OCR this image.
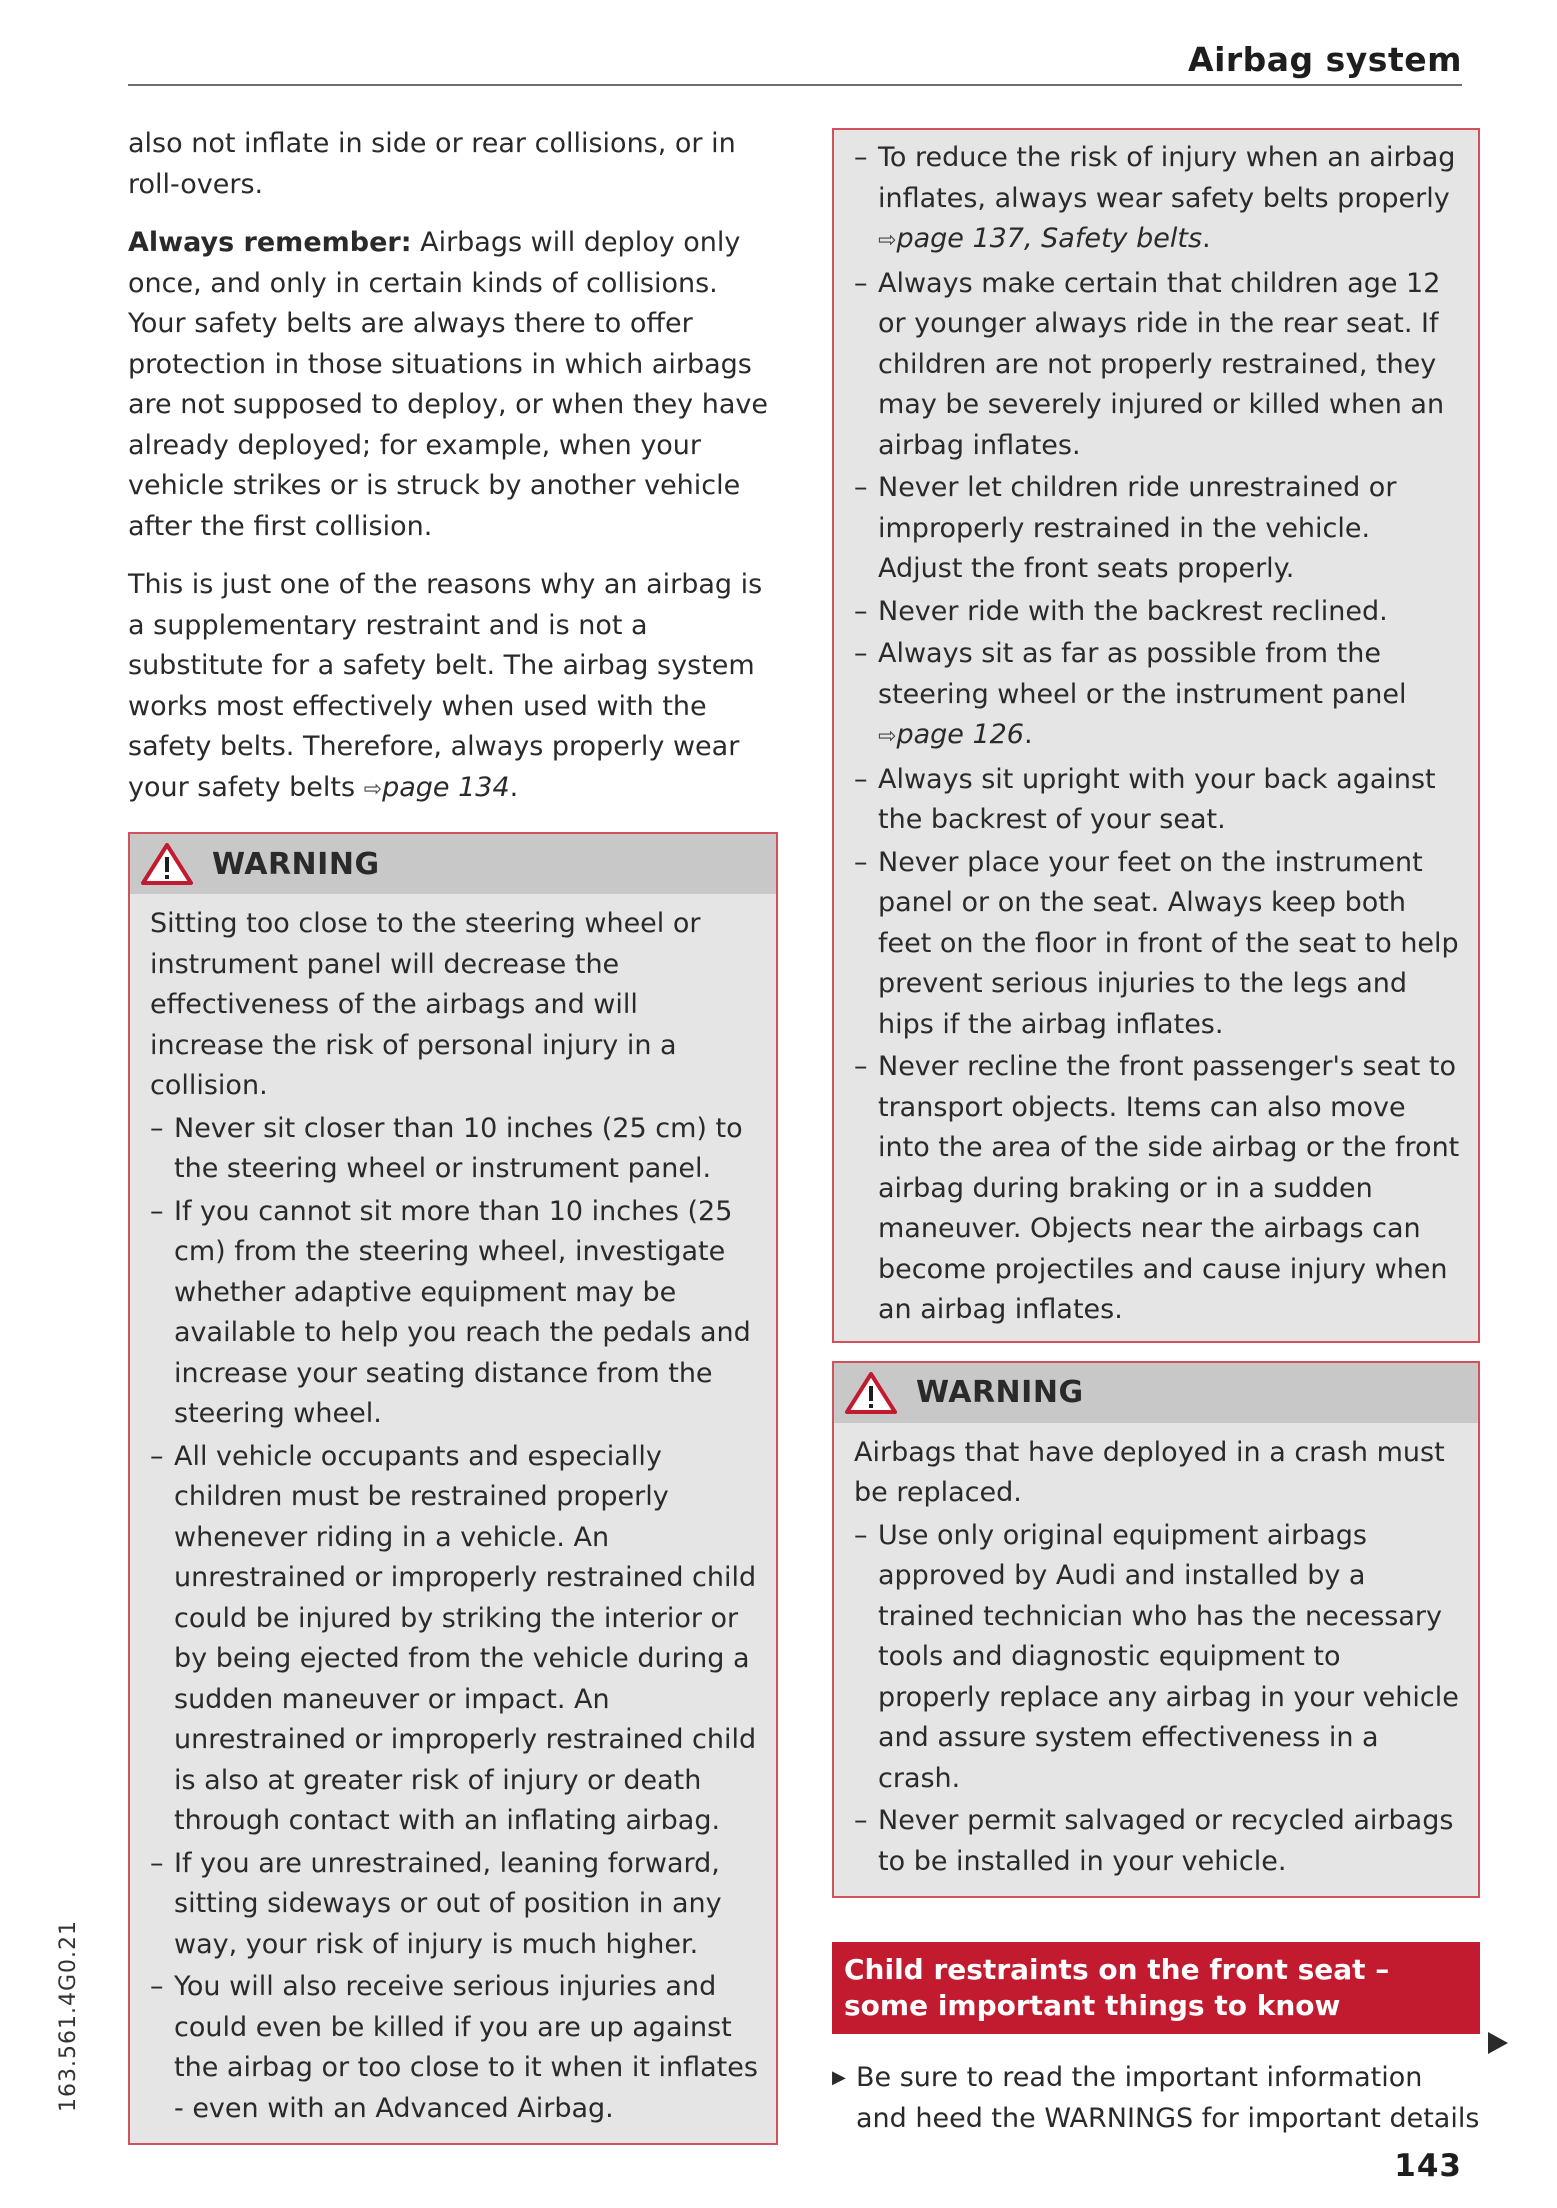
Airbag system

also not inflate in side or rear collisions, or in roll-overs.

Always remember: Airbags will deploy only once, and only in certain kinds of collisions. Your safety belts are always there to offer protection in those situations in which airbags are not supposed to deploy, or when they have already deployed; for example, when your vehicle strikes or is struck by another vehicle after the first collision.

This is just one of the reasons why an airbag is a supplementary restraint and is not a substitute for a safety belt. The airbag system works most effectively when used with the safety belts. Therefore, always properly wear your safety belts ⇨page 134.

WARNING

Sitting too close to the steering wheel or instrument panel will decrease the effectiveness of the airbags and will increase the risk of personal injury in a collision.

– Never sit closer than 10 inches (25 cm) to the steering wheel or instrument panel.
– If you cannot sit more than 10 inches (25 cm) from the steering wheel, investigate whether adaptive equipment may be available to help you reach the pedals and increase your seating distance from the steering wheel.
– All vehicle occupants and especially children must be restrained properly whenever riding in a vehicle. An unrestrained or improperly restrained child could be injured by striking the interior or by being ejected from the vehicle during a sudden maneuver or impact. An unrestrained or improperly restrained child is also at greater risk of injury or death through contact with an inflating airbag.
– If you are unrestrained, leaning forward, sitting sideways or out of position in any way, your risk of injury is much higher.
– You will also receive serious injuries and could even be killed if you are up against the airbag or too close to it when it inflates - even with an Advanced Airbag.
– To reduce the risk of injury when an airbag inflates, always wear safety belts properly ⇨page 137, Safety belts.
– Always make certain that children age 12 or younger always ride in the rear seat. If children are not properly restrained, they may be severely injured or killed when an airbag inflates.
– Never let children ride unrestrained or improperly restrained in the vehicle. Adjust the front seats properly.
– Never ride with the backrest reclined.
– Always sit as far as possible from the steering wheel or the instrument panel ⇨page 126.
– Always sit upright with your back against the backrest of your seat.
– Never place your feet on the instrument panel or on the seat. Always keep both feet on the floor in front of the seat to help prevent serious injuries to the legs and hips if the airbag inflates.
– Never recline the front passenger's seat to transport objects. Items can also move into the area of the side airbag or the front airbag during braking or in a sudden maneuver. Objects near the airbags can become projectiles and cause injury when an airbag inflates.
WARNING

Airbags that have deployed in a crash must be replaced.

– Use only original equipment airbags approved by Audi and installed by a trained technician who has the necessary tools and diagnostic equipment to properly replace any airbag in your vehicle and assure system effectiveness in a crash.
– Never permit salvaged or recycled airbags to be installed in your vehicle.
Child restraints on the front seat – some important things to know
▶ Be sure to read the important information and heed the WARNINGS for important details
143
163.561.4G0.21
